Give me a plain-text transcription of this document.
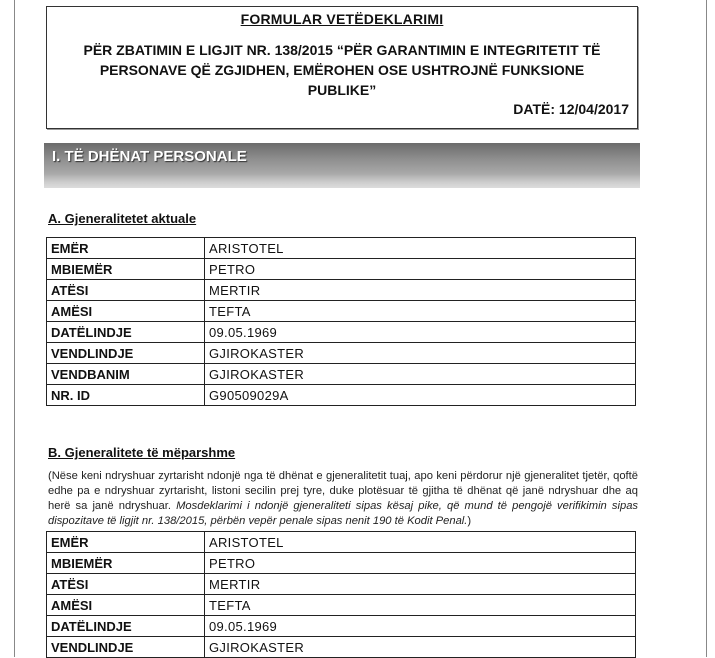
FORMULAR VETËDEKLARIMI
PËR ZBATIMIN E LIGJIT NR. 138/2015 “PËR GARANTIMIN E INTEGRITETIT TË PERSONAVE QË ZGJIDHEN, EMËROHEN OSE USHTROJNË FUNKSIONE PUBLIKE”
DATË: 12/04/2017
I. TË DHËNAT PERSONALE
A. Gjeneralitetet aktuale
EMËR	ARISTOTEL
MBIEMËR	PETRO
ATËSI	MERTIR
AMËSI	TEFTA
DATËLINDJE	09.05.1969
VENDLINDJE	GJIROKASTER
VENDBANIM	GJIROKASTER
NR. ID	G90509029A
B. Gjeneralitete të mëparshme
(Nëse keni ndryshuar zyrtarisht ndonjë nga të dhënat e gjeneralitetit tuaj, apo keni përdorur një gjeneralitet tjetër, qoftë edhe pa e ndryshuar zyrtarisht, listoni secilin prej tyre, duke plotësuar të gjitha të dhënat që janë ndryshuar dhe aq herë sa janë ndryshuar. Mosdeklarimi i ndonjë gjeneraliteti sipas kësaj pike, që mund të pengojë verifikimin sipas dispozitave të ligjit nr. 138/2015, përbën vepër penale sipas nenit 190 të Kodit Penal.)
EMËR	ARISTOTEL
MBIEMËR	PETRO
ATËSI	MERTIR
AMËSI	TEFTA
DATËLINDJE	09.05.1969
VENDLINDJE	GJIROKASTER
